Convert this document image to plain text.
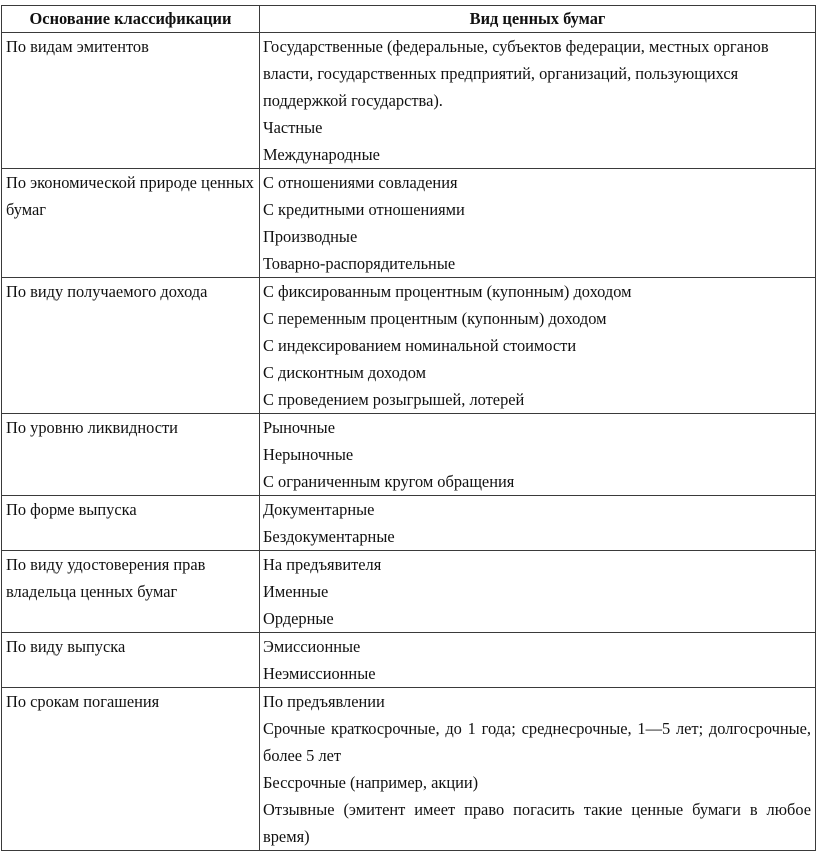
Основание классификации	Вид ценных бумаг
По видам эмитентов	Государственные (федеральные, субъектов федерации, местных органов власти, государственных предприятий, организаций, пользующихся поддержкой государства).
Частные
Международные

По экономической природе ценных бумаг	С отношениями совладения
С кредитными отношениями
Производные
Товарно-распорядительные

По виду получаемого дохода	С фиксированным процентным (купонным) доходом
С переменным процентным (купонным) доходом
С индексированием номинальной стоимости
С дисконтным доходом
С проведением розыгрышей, лотерей

По уровню ликвидности	Рыночные
Нерыночные
С ограниченным кругом обращения

По форме выпуска	Документарные
Бездокументарные

По виду удостоверения прав владельца ценных бумаг	На предъявителя
Именные
Ордерные

По виду выпуска	Эмиссионные
Неэмиссионные

По срокам погашения	По предъявлении
Срочные краткосрочные, до 1 года; среднесрочные, 1—5 лет; долгосрочные, более 5 лет
Бессрочные (например, акции)
Отзывные (эмитент имеет право погасить такие ценные бумаги в любое время)
